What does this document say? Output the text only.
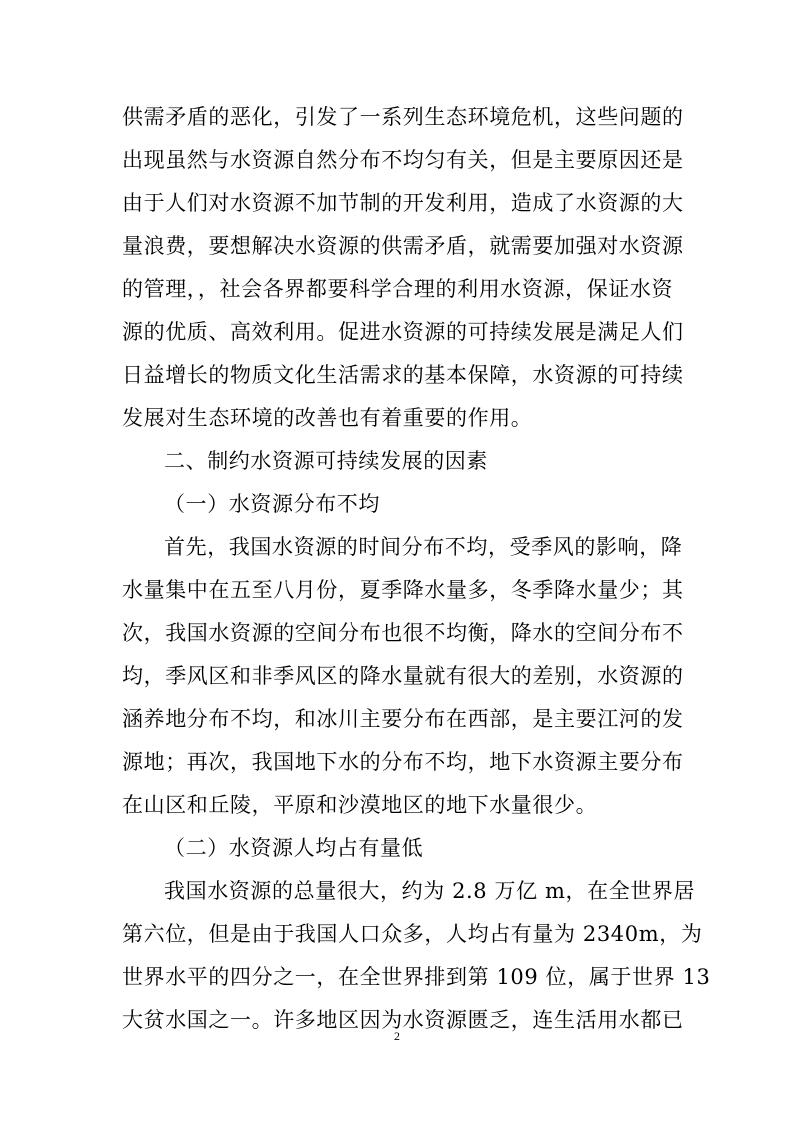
供需矛盾的恶化，引发了一系列生态环境危机，这些问题的
出现虽然与水资源自然分布不均匀有关，但是主要原因还是
由于人们对水资源不加节制的开发利用，造成了水资源的大
量浪费，要想解决水资源的供需矛盾，就需要加强对水资源
的管理，，社会各界都要科学合理的利用水资源，保证水资
源的优质、高效利用。促进水资源的可持续发展是满足人们
日益增长的物质文化生活需求的基本保障，水资源的可持续
发展对生态环境的改善也有着重要的作用。
二、制约水资源可持续发展的因素
（一）水资源分布不均
首先，我国水资源的时间分布不均，受季风的影响，降
水量集中在五至八月份，夏季降水量多，冬季降水量少；其
次，我国水资源的空间分布也很不均衡，降水的空间分布不
均，季风区和非季风区的降水量就有很大的差别，水资源的
涵养地分布不均，和冰川主要分布在西部，是主要江河的发
源地；再次，我国地下水的分布不均，地下水资源主要分布
在山区和丘陵，平原和沙漠地区的地下水量很少。
（二）水资源人均占有量低
我国水资源的总量很大，约为 2.8 万亿 m，在全世界居
第六位，但是由于我国人口众多，人均占有量为 2340m，为
世界水平的四分之一，在全世界排到第 109 位，属于世界 13
大贫水国之一。许多地区因为水资源匮乏，连生活用水都已
2
